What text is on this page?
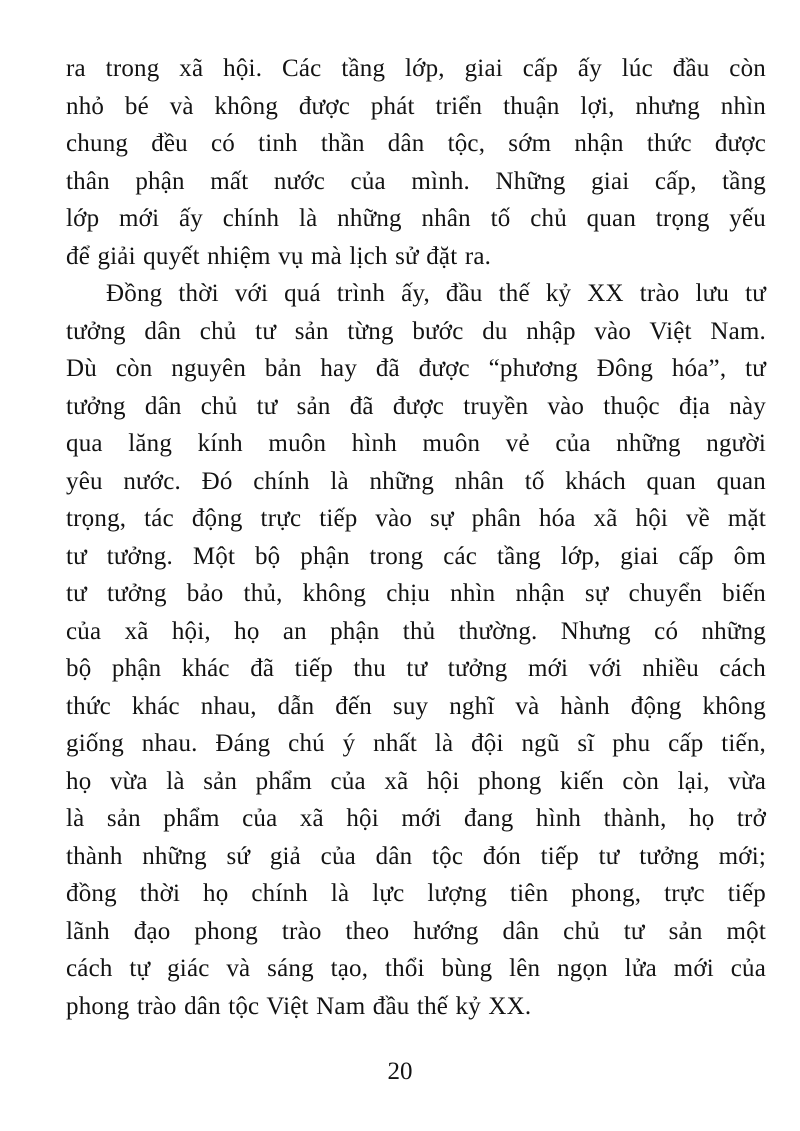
ra trong xã hội. Các tầng lớp, giai cấp ấy lúc đầu còn
nhỏ bé và không được phát triển thuận lợi, nhưng nhìn
chung đều có tinh thần dân tộc, sớm nhận thức được
thân phận mất nước của mình. Những giai cấp, tầng
lớp mới ấy chính là những nhân tố chủ quan trọng yếu
để giải quyết nhiệm vụ mà lịch sử đặt ra.
Đồng thời với quá trình ấy, đầu thế kỷ XX trào lưu tư
tưởng dân chủ tư sản từng bước du nhập vào Việt Nam.
Dù còn nguyên bản hay đã được “phương Đông hóa”, tư
tưởng dân chủ tư sản đã được truyền vào thuộc địa này
qua lăng kính muôn hình muôn vẻ của những người
yêu nước. Đó chính là những nhân tố khách quan quan
trọng, tác động trực tiếp vào sự phân hóa xã hội về mặt
tư tưởng. Một bộ phận trong các tầng lớp, giai cấp ôm
tư tưởng bảo thủ, không chịu nhìn nhận sự chuyển biến
của xã hội, họ an phận thủ thường. Nhưng có những
bộ phận khác đã tiếp thu tư tưởng mới với nhiều cách
thức khác nhau, dẫn đến suy nghĩ và hành động không
giống nhau. Đáng chú ý nhất là đội ngũ sĩ phu cấp tiến,
họ vừa là sản phẩm của xã hội phong kiến còn lại, vừa
là sản phẩm của xã hội mới đang hình thành, họ trở
thành những sứ giả của dân tộc đón tiếp tư tưởng mới;
đồng thời họ chính là lực lượng tiên phong, trực tiếp
lãnh đạo phong trào theo hướng dân chủ tư sản một
cách tự giác và sáng tạo, thổi bùng lên ngọn lửa mới của
phong trào dân tộc Việt Nam đầu thế kỷ XX.
20
